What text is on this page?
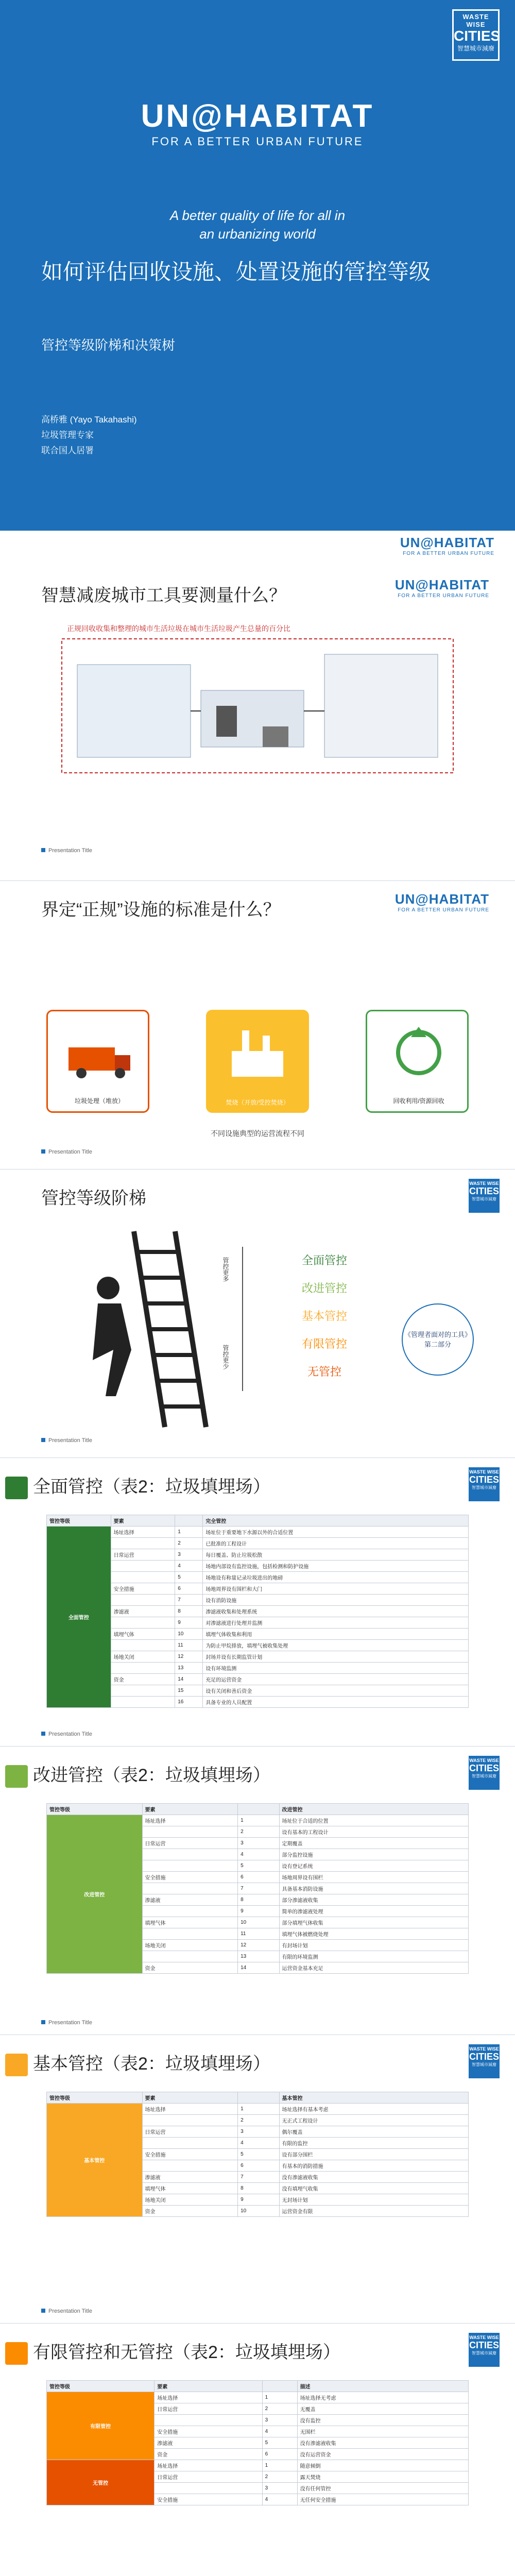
WASTE WISE
CITIES
智慧城市減廢
UN@HABITAT
FOR A BETTER URBAN FUTURE
A better quality of life for all in
an urbanizing world
如何评估回收设施、处置设施的管控等级
管控等级阶梯和决策树
高桥雅 (Yayo Takahashi)
垃圾管理专家
联合国人居署
UN@HABITAT
FOR A BETTER URBAN FUTURE
智慧减废城市工具要测量什么？
UN@HABITAT
FOR A BETTER URBAN FUTURE
正规回收收集和整理的城市生活垃圾在城市生活垃圾产生总量的百分比
Presentation Title
界定“正规”设施的标准是什么？
UN@HABITAT
FOR A BETTER URBAN FUTURE
垃圾处理（堆放）	焚烧（开放/受控焚烧）	回收利用/资源回收
不同设施典型的运营流程不同
Presentation Title
管控等级阶梯
WASTE WISE
CITIES
智慧城市減廢
管控更多
管控更少
全面管控
改进管控
基本管控
有限管控
无管控
《管理者面对的工具》第二部分
Presentation Title
全面管控（表2：垃圾填埋场）
WASTE WISE
CITIES
智慧城市減廢
管控等级	要素		完全管控
全面管控	场址选择	1	场址位于重要地下水源以外的合适位置
		2	已批准的工程设计
	日常运营	3	每日覆盖、防止垃圾松散
		4	场地内部设有监控设施，包括检测和防护设施
		5	场地设有称量记录垃圾进出的地磅
	安全措施	6	场地周界设有围栏和大门
		7	设有消防设施
	渗滤液	8	渗滤液收集和处理系统
		9	对渗滤液进行处理并监测
	填埋气体	10	填埋气体收集和利用
		11	为防止甲烷排放，填埋气被收集处理
	场地关闭	12	封场并设有长期监管计划
		13	设有环境监测
	资金	14	充足的运营资金
		15	设有关闭和善后资金
		16	具备专业的人员配置
Presentation Title
改进管控（表2：垃圾填埋场）
WASTE WISE
CITIES
智慧城市減廢
管控等级	要素		改进管控
改进管控	场址选择	1	场址位于合适的位置
		2	设有基本的工程设计
	日常运营	3	定期覆盖
		4	部分监控设施
		5	设有登记系统
	安全措施	6	场地周界设有围栏
		7	具备基本消防设施
	渗滤液	8	部分渗滤液收集
		9	简单的渗滤液处理
	填埋气体	10	部分填埋气体收集
		11	填埋气体被燃烧处理
	场地关闭	12	有封场计划
		13	有限的环境监测
	资金	14	运营资金基本充足
Presentation Title
基本管控（表2：垃圾填埋场）
WASTE WISE
CITIES
智慧城市減廢
管控等级	要素		基本管控
基本管控	场址选择	1	场址选择有基本考虑
		2	无正式工程设计
	日常运营	3	偶尔覆盖
		4	有限的监控
	安全措施	5	设有部分围栏
		6	有基本的消防措施
	渗滤液	7	没有渗滤液收集
	填埋气体	8	没有填埋气收集
	场地关闭	9	无封场计划
	资金	10	运营资金有限
Presentation Title
有限管控和无管控（表2：垃圾填埋场）
WASTE WISE
CITIES
智慧城市減廢
管控等级	要素		描述
有限管控	场址选择	1	场址选择无考虑
	日常运营	2	无覆盖
		3	没有监控
	安全措施	4	无围栏
	渗滤液	5	没有渗滤液收集
	资金	6	没有运营资金
无管控	场址选择	1	随意倾倒
	日常运营	2	露天焚烧
		3	没有任何管控
	安全措施	4	无任何安全措施
